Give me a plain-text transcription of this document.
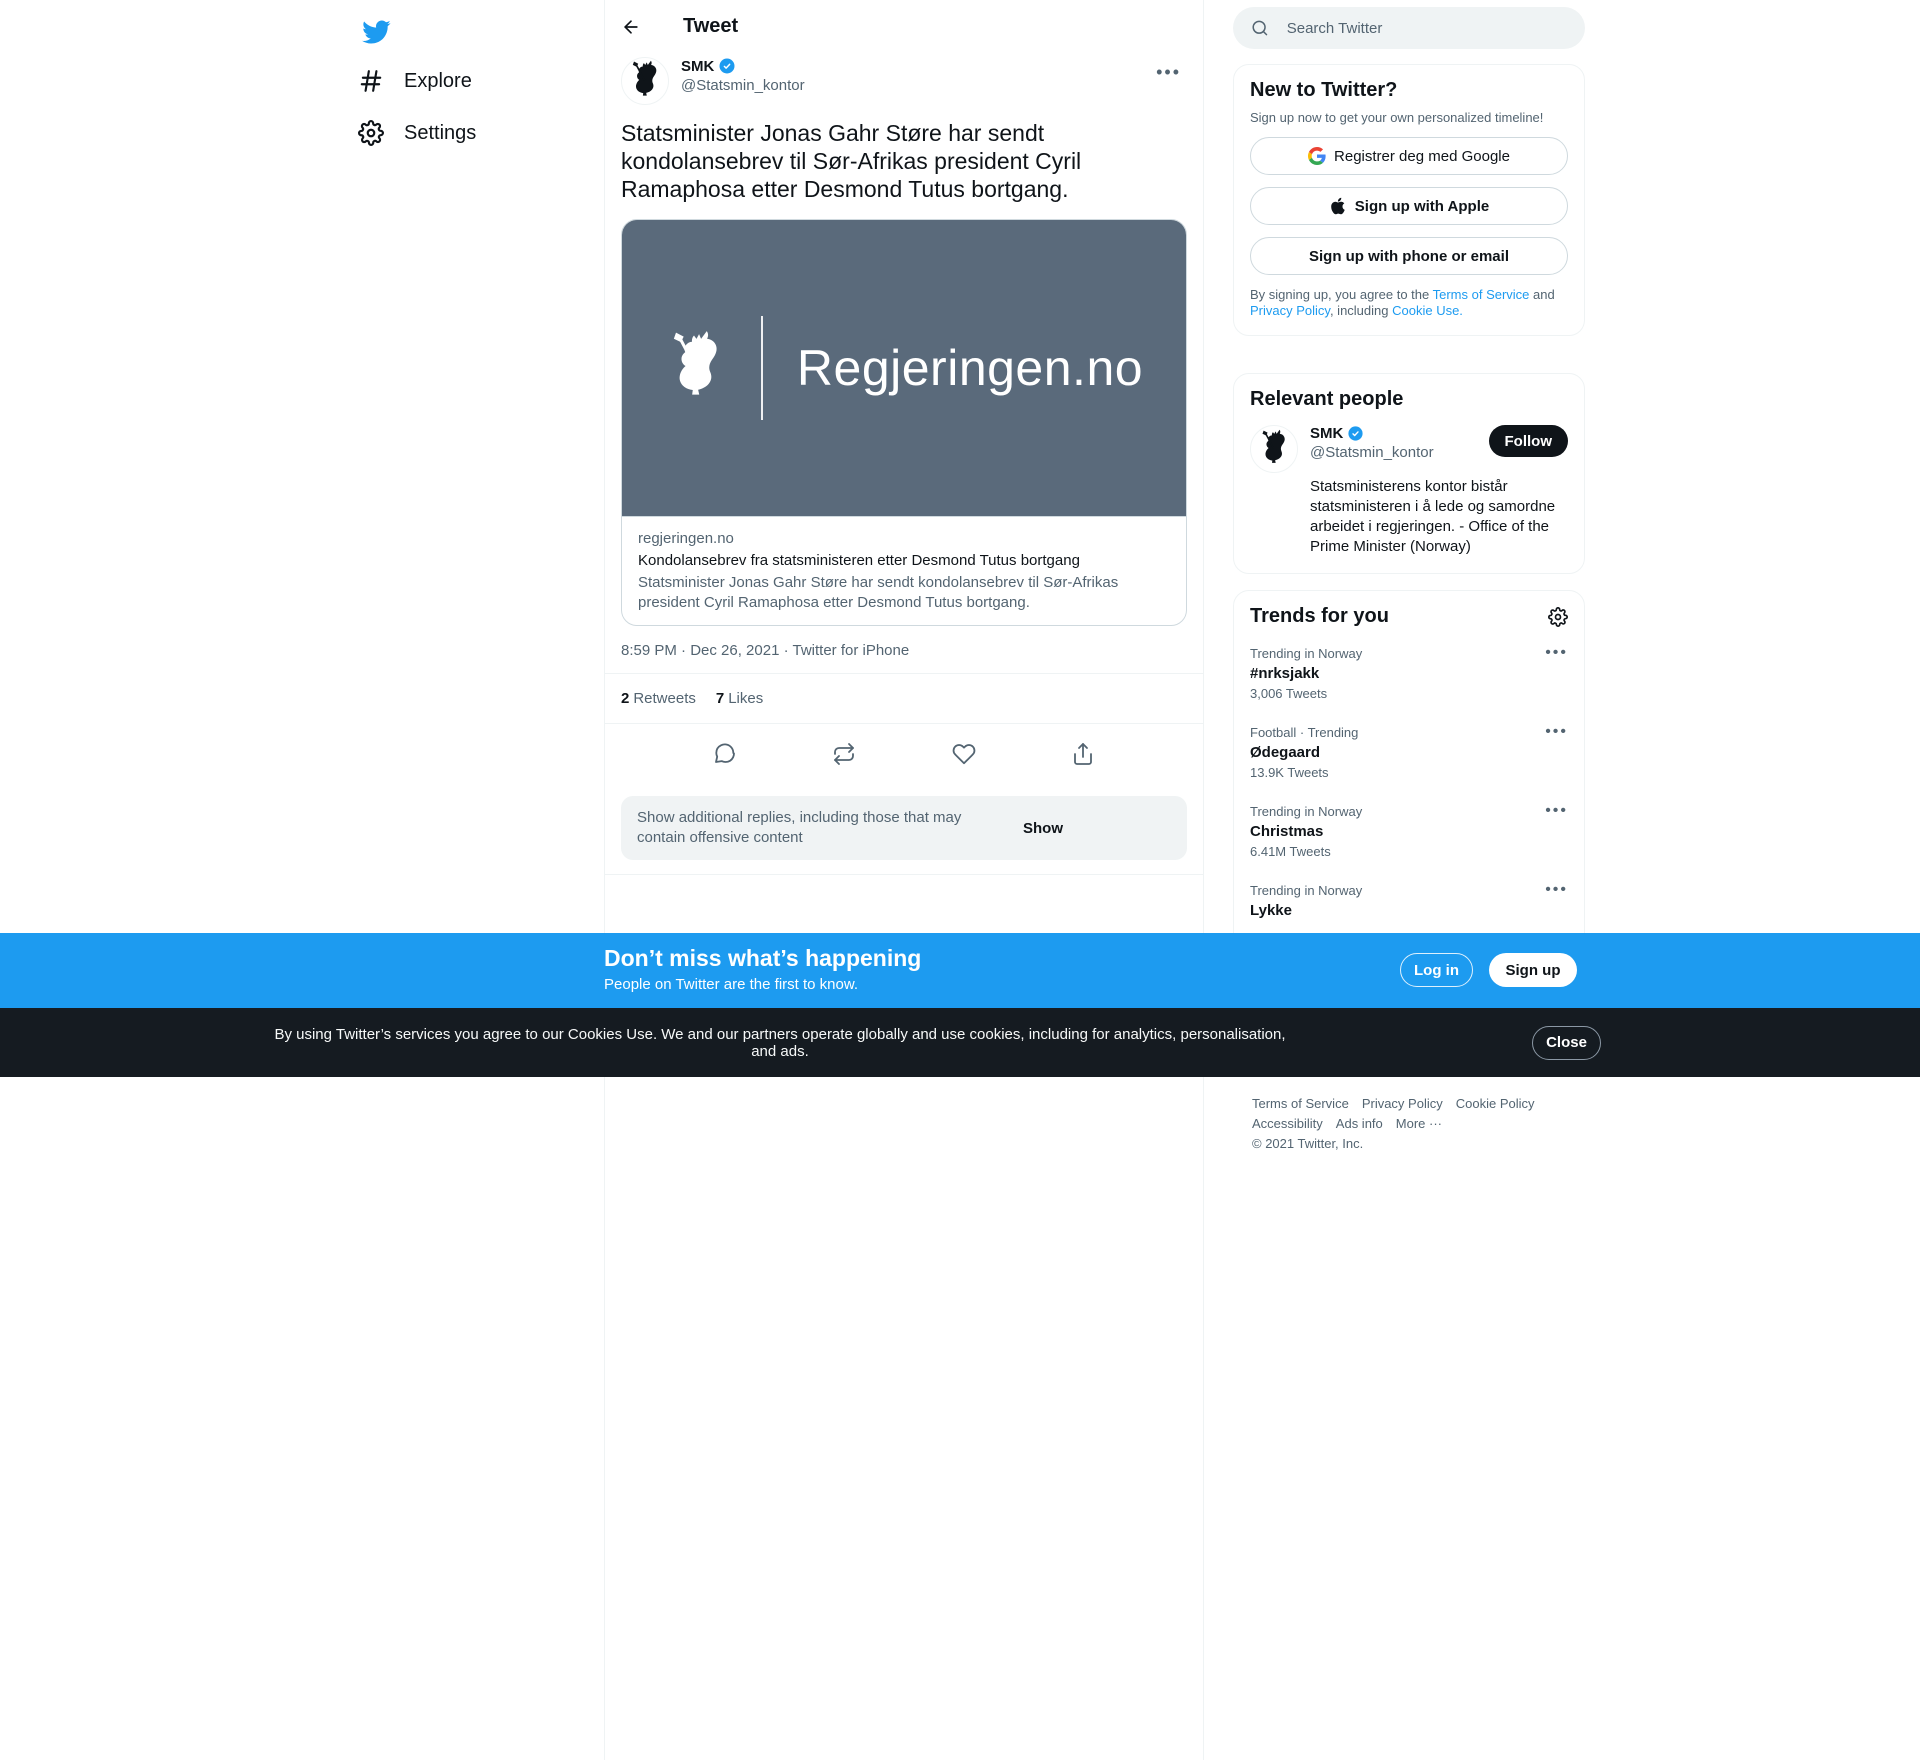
Explore
Settings
Tweet
SMK
@Statsmin_kontor
•••

Statsminister Jonas Gahr Støre har sendt kondolansebrev til Sør-Afrikas president Cyril Ramaphosa etter Desmond Tutus bortgang.

Regjeringen.no
regjeringen.no
Kondolansebrev fra statsministeren etter Desmond Tutus bortgang
Statsminister Jonas Gahr Støre har sendt kondolansebrev til Sør-Afrikas president Cyril Ramaphosa etter Desmond Tutus bortgang.
8:59 PM · Dec 26, 2021 · Twitter for iPhone
2 Retweets 7 Likes
Show additional replies, including those that may contain offensive content
Show
Search Twitter
New to Twitter?

Sign up now to get your own personalized timeline!

Registrer deg med Google
Sign up with Apple
Sign up with phone or email

By signing up, you agree to the Terms of Service and Privacy Policy, including Cookie Use.

Relevant people
SMK
@Statsmin_kontor
Follow

Statsministerens kontor bistår statsministeren i å lede og samordne arbeidet i regjeringen. - Office of the Prime Minister (Norway)

Trends for you
Trending in Norway
#nrksjakk
3,006 Tweets
•••
Football · Trending
Ødegaard
13.9K Tweets
•••
Trending in Norway
Christmas
6.41M Tweets
•••
Trending in Norway
Lykke
•••
Terms of Service Privacy Policy Cookie Policy
Accessibility Ads info More ···
© 2021 Twitter, Inc.
Don’t miss what’s happening
People on Twitter are the first to know.
Log in	Sign up
By using Twitter’s services you agree to our Cookies Use. We and our partners operate globally and use cookies, including for analytics, personalisation, and ads.	Close
